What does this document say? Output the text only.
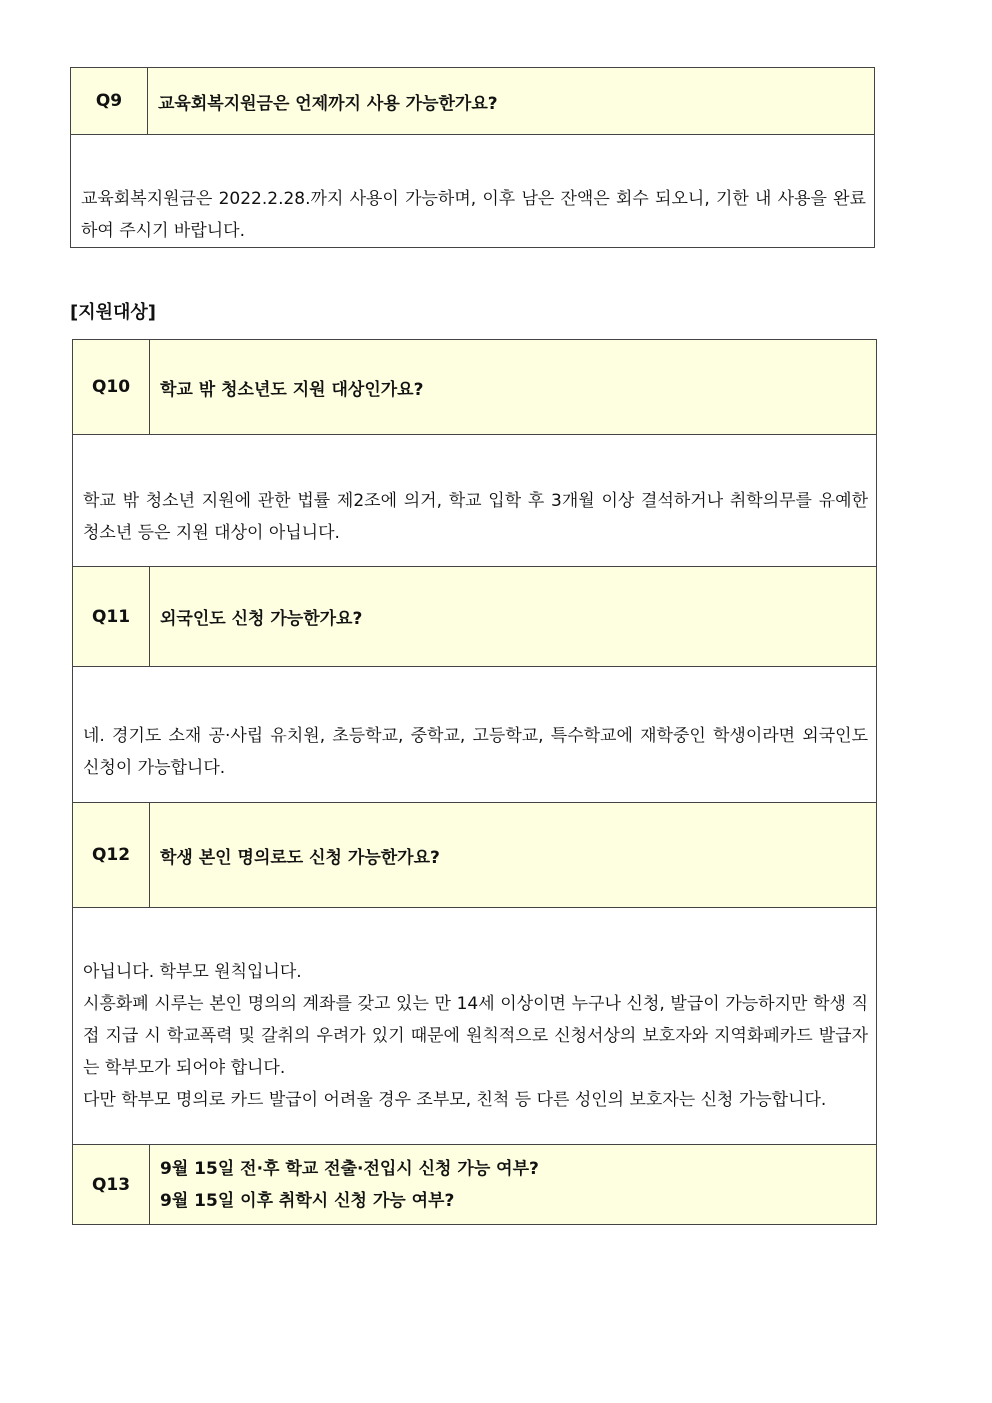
Q9	교육회복지원금은 언제까지 사용 가능한가요?

교육회복지원금은 2022.2.28.까지 사용이 가능하며, 이후 남은 잔액은 회수 되오니, 기한 내 사용을 완료하여 주시기 바랍니다.

[지원대상]
Q10	학교 밖 청소년도 지원 대상인가요?

학교 밖 청소년 지원에 관한 법률 제2조에 의거, 학교 입학 후 3개월 이상 결석하거나 취학의무를 유예한 청소년 등은 지원 대상이 아닙니다.	

Q11	외국인도 신청 가능한가요?

네. 경기도 소재 공·사립 유치원, 초등학교, 중학교, 고등학교, 특수학교에 재학중인 학생이라면 외국인도 신청이 가능합니다.	

Q12	학생 본인 명의로도 신청 가능한가요?

아닙니다. 학부모 원칙입니다.

시흥화폐 시루는 본인 명의의 계좌를 갖고 있는 만 14세 이상이면 누구나 신청, 발급이 가능하지만 학생 직접 지급 시 학교폭력 및 갈취의 우려가 있기 때문에 원칙적으로 신청서상의 보호자와 지역화페카드 발급자는 학부모가 되어야 합니다.

다만 학부모 명의로 카드 발급이 어려울 경우 조부모, 친척 등 다른 성인의 보호자는 신청 가능합니다.	

Q13	9월 15일 전·후 학교 전출·전입시 신청 가능 여부?
9월 15일 이후 취학시 신청 가능 여부?
